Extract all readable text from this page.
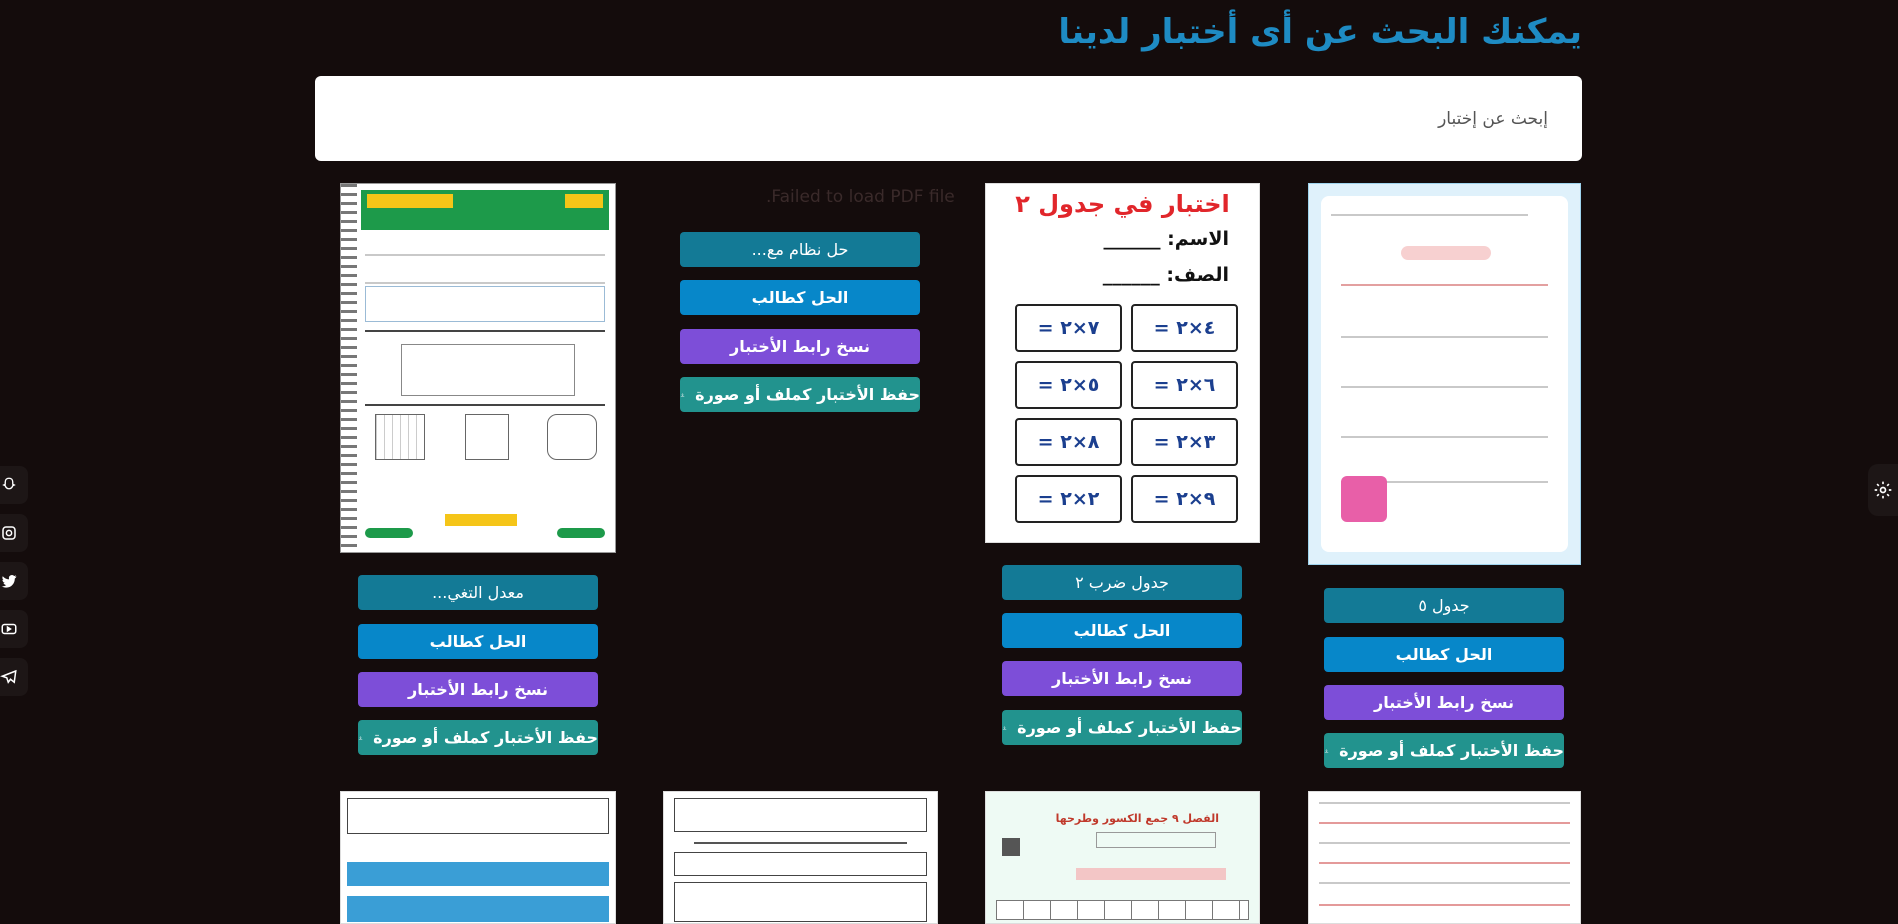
يمكنك البحث عن أى أختبار لدينا
إبحث عن إختبار
جدول ٥
الحل كطالب
نسخ رابط الأختبار
حفظ الأختبار كملف أو صورة
اختبار في جدول ٢
الاسم: ______
الصف: ______
٤×٢ =
٧×٢ =
٦×٢ =
٥×٢ =
٣×٢ =
٨×٢ =
٩×٢ =
٢×٢ =
جدول ضرب ٢
الحل كطالب
نسخ رابط الأختبار
حفظ الأختبار كملف أو صورة
Failed to load PDF file.
حل نظام مع...
الحل كطالب
نسخ رابط الأختبار
حفظ الأختبار كملف أو صورة
معدل التغي...
الحل كطالب
نسخ رابط الأختبار
حفظ الأختبار كملف أو صورة
الفصل ٩ جمع الكسور وطرحها
